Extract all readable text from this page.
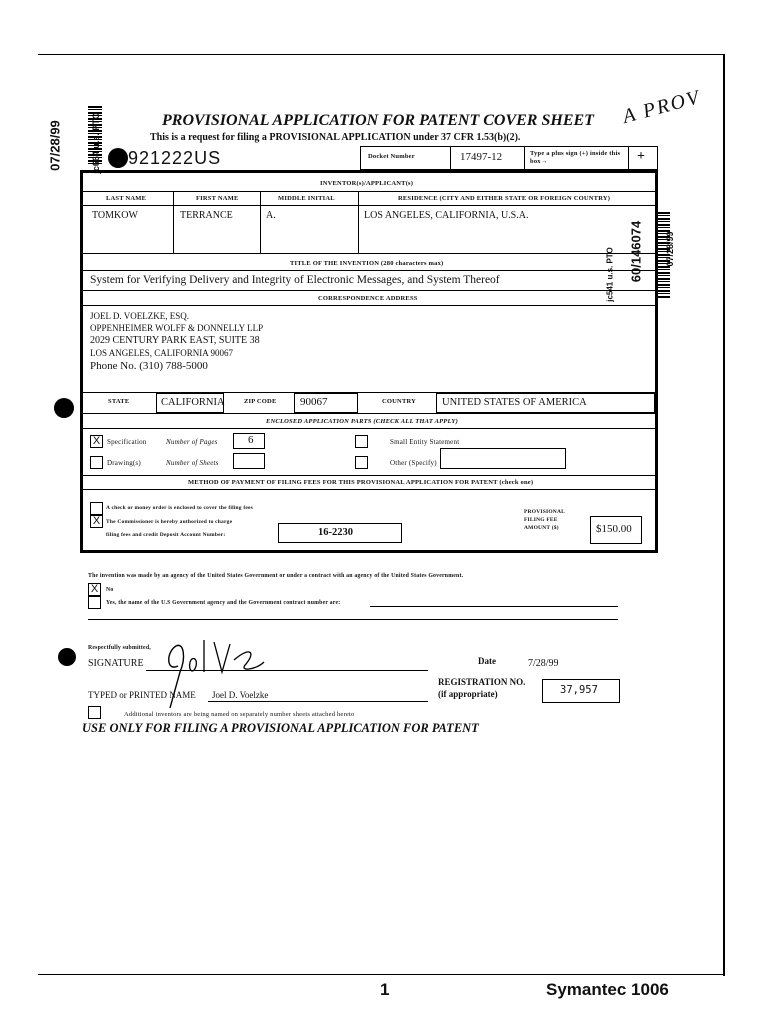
07/28/99	jc664 u.s. PTO
60/146074
jc541 u.s. PTO	07/28/99
PROVISIONAL APPLICATION FOR PATENT COVER SHEET
This is a request for filing a PROVISIONAL APPLICATION under 37 CFR 1.53(b)(2).
A PROV
921222US	Docket Number	17497-12	Type a plus sign (+) inside this box→	+
INVENTOR(s)/APPLICANT(s)
LAST NAME	FIRST NAME	MIDDLE INITIAL	RESIDENCE (CITY AND EITHER STATE OR FOREIGN COUNTRY)
TOMKOW	TERRANCE	A.	LOS ANGELES, CALIFORNIA, U.S.A.
TITLE OF THE INVENTION (280 characters max)
System for Verifying Delivery and Integrity of Electronic Messages, and System Thereof
CORRESPONDENCE ADDRESS
JOEL D. VOELZKE, ESQ.
OPPENHEIMER WOLFF & DONNELLY LLP
2029 CENTURY PARK EAST, SUITE 38
LOS ANGELES, CALIFORNIA 90067
Phone No. (310) 788-5000
STATE	CALIFORNIA	ZIP CODE 90067	COUNTRY UNITED STATES OF AMERICA
ENCLOSED APPLICATION PARTS (CHECK ALL THAT APPLY)
X Specification	Number of Pages	6	Small Entity Statement
Drawing(s)	Number of Sheets	Other (Specify)
METHOD OF PAYMENT OF FILING FEES FOR THIS PROVISIONAL APPLICATION FOR PATENT (check one)
A check or money order is enclosed to cover the filing fees
X	The Commissioner is hereby authorized to charge
filing fees and credit Deposit Account Number:	16-2230
PROVISIONAL
FILING FEE
AMOUNT ($)	$150.00
The invention was made by an agency of the United States Government or under a contract with an agency of the United States Government.
X	No
Yes, the name of the U.S Government agency and the Government contract number are:
Respectfully submitted,
SIGNATURE	Date	7/28/99
REGISTRATION NO.
(if appropriate)	37,957
TYPED or PRINTED NAME Joel D. Voelzke
Additional inventors are being named on separately number sheets attached hereto
USE ONLY FOR FILING A PROVISIONAL APPLICATION FOR PATENT
1	Symantec 1006
